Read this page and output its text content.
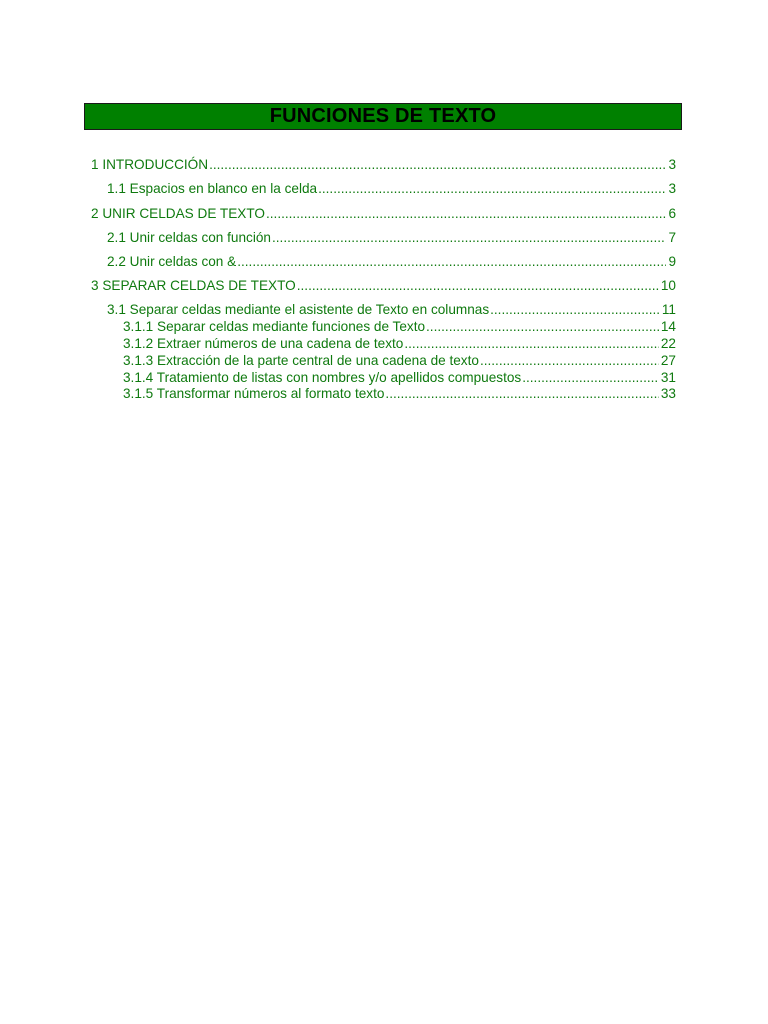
FUNCIONES DE TEXTO
1 INTRODUCCIÓN .....	3
1.1 Espacios en blanco en la celda .....	3
2 UNIR CELDAS DE TEXTO .....	6
2.1 Unir celdas con función .....	7
2.2 Unir celdas con & .....	9
3 SEPARAR CELDAS DE TEXTO .....	10
3.1 Separar celdas mediante el asistente de Texto en columnas .....	11
3.1.1 Separar celdas mediante funciones de Texto .....	14
3.1.2 Extraer números de una cadena de texto .....	22
3.1.3 Extracción de la parte central de una cadena de texto .....	27
3.1.4 Tratamiento de listas con nombres y/o apellidos compuestos .....	31
3.1.5 Transformar números al formato texto .....	33
